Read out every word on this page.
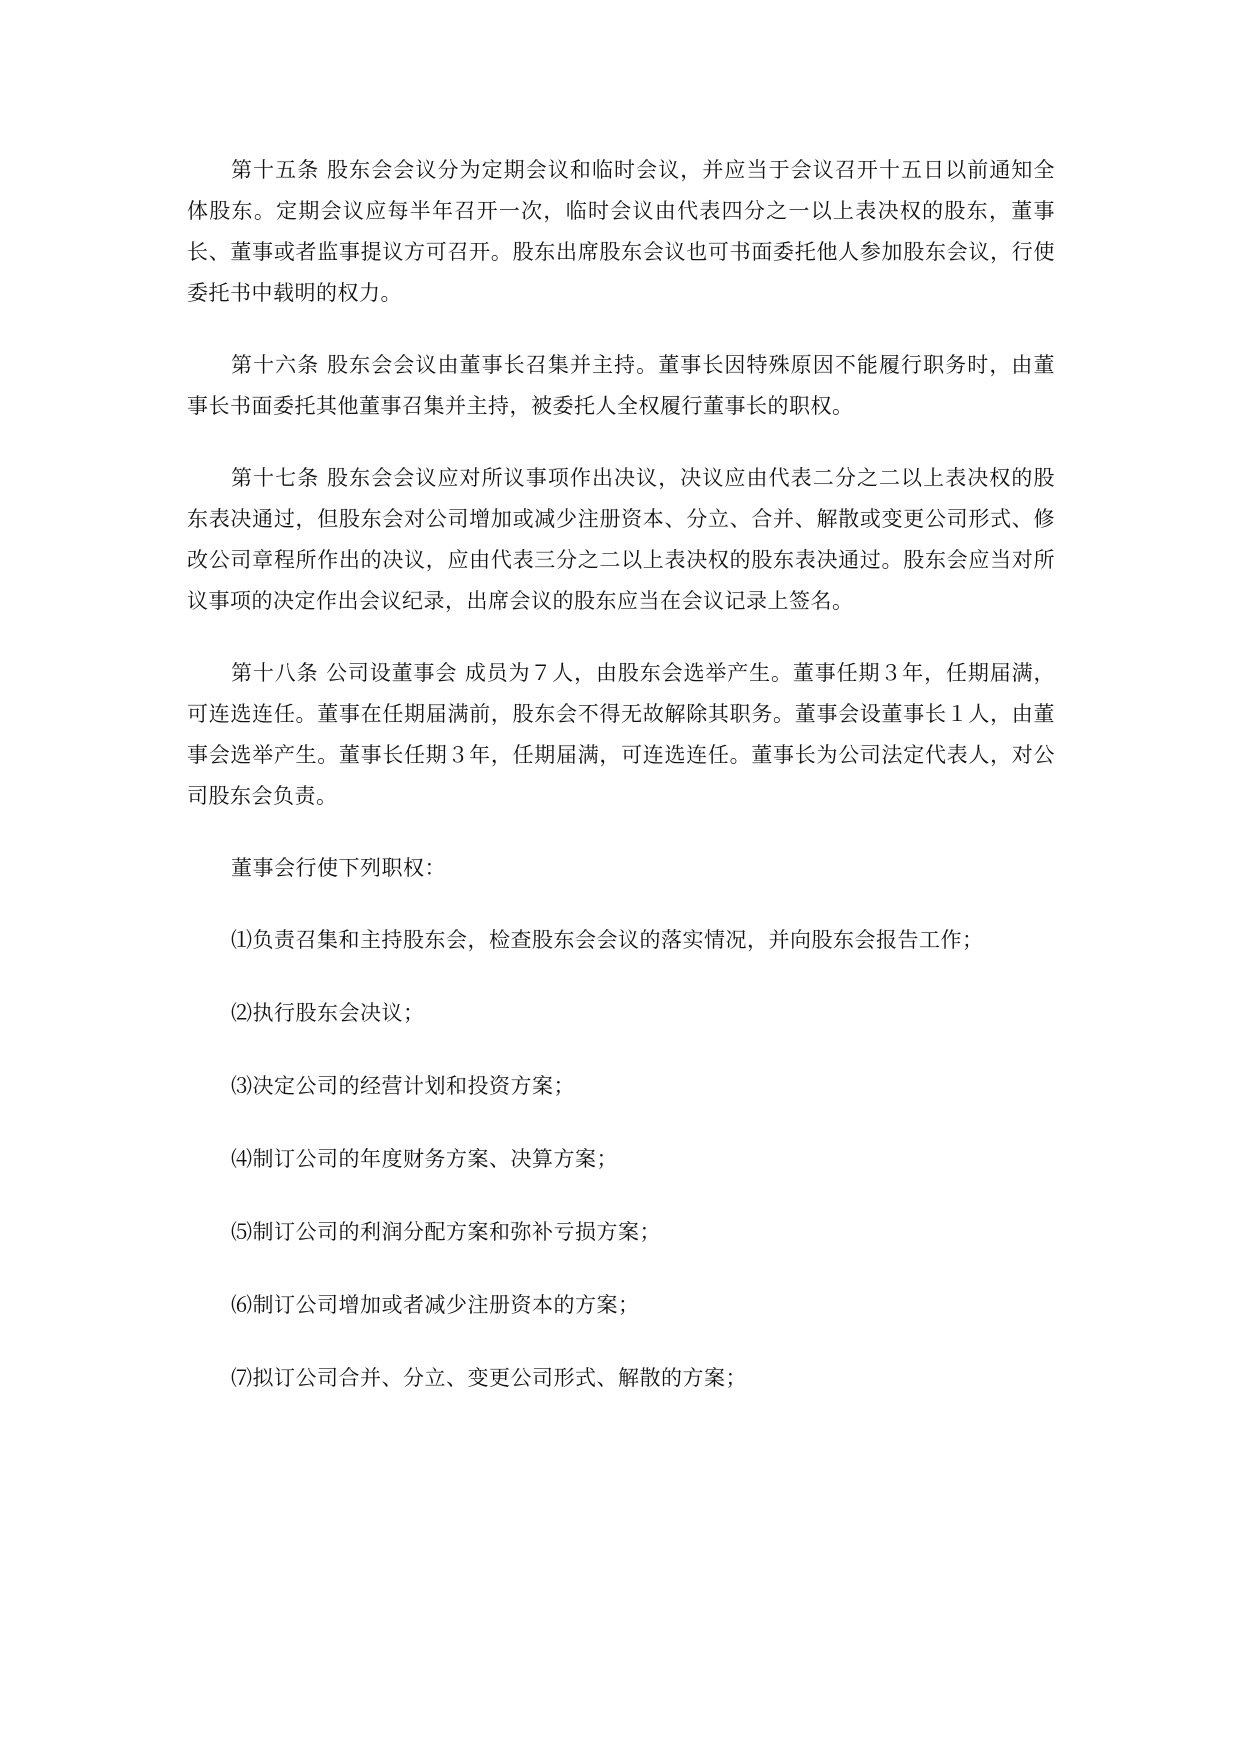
第十五条 股东会会议分为定期会议和临时会议，并应当于会议召开十五日以前通知全体股东。定期会议应每半年召开一次，临时会议由代表四分之一以上表决权的股东，董事长、董事或者监事提议方可召开。股东出席股东会议也可书面委托他人参加股东会议，行使委托书中载明的权力。

第十六条 股东会会议由董事长召集并主持。董事长因特殊原因不能履行职务时，由董事长书面委托其他董事召集并主持，被委托人全权履行董事长的职权。

第十七条 股东会会议应对所议事项作出决议，决议应由代表二分之二以上表决权的股东表决通过，但股东会对公司增加或减少注册资本、分立、合并、解散或变更公司形式、修改公司章程所作出的决议，应由代表三分之二以上表决权的股东表决通过。股东会应当对所议事项的决定作出会议纪录，出席会议的股东应当在会议记录上签名。

第十八条 公司设董事会 成员为７人，由股东会选举产生。董事任期３年，任期届满，可连选连任。董事在任期届满前，股东会不得无故解除其职务。董事会设董事长１人，由董事会选举产生。董事长任期３年，任期届满，可连选连任。董事长为公司法定代表人，对公司股东会负责。

董事会行使下列职权：

⑴负责召集和主持股东会，检查股东会会议的落实情况，并向股东会报告工作；

⑵执行股东会决议；

⑶决定公司的经营计划和投资方案；

⑷制订公司的年度财务方案、决算方案；

⑸制订公司的利润分配方案和弥补亏损方案；

⑹制订公司增加或者减少注册资本的方案；

⑺拟订公司合并、分立、变更公司形式、解散的方案；
